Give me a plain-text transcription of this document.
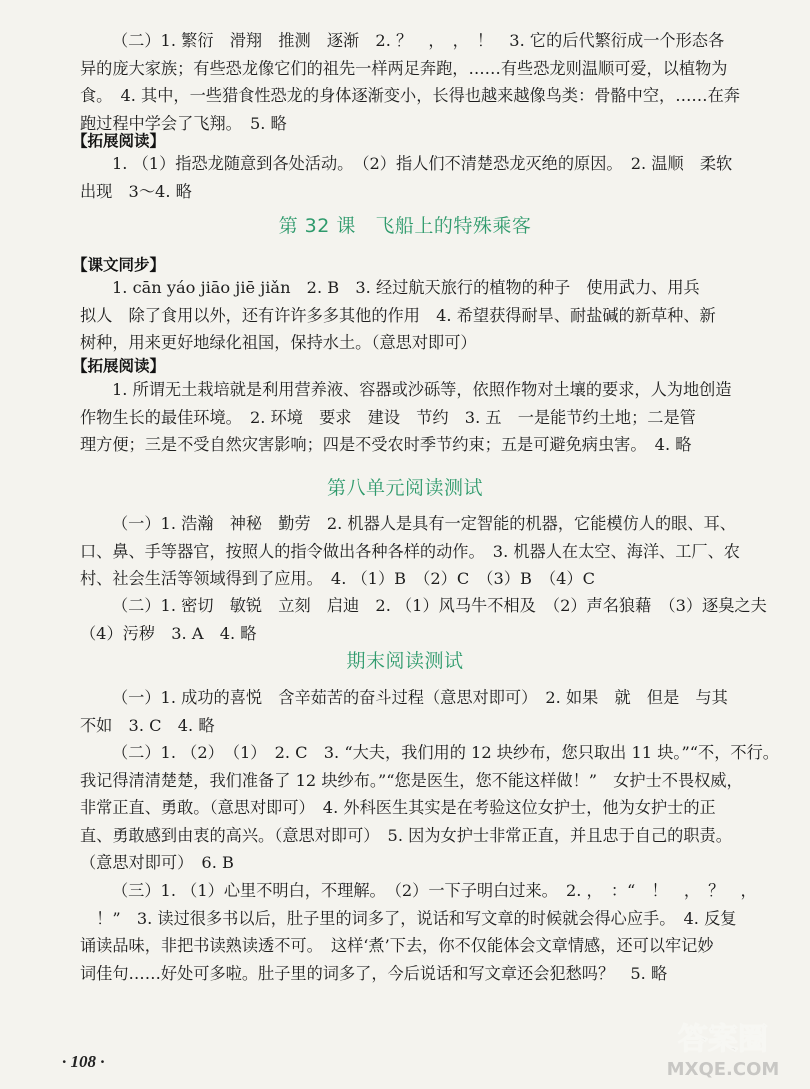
（二）1. 繁衍　滑翔　推测　逐渐　2. ？　，　，　！　3. 它的后代繁衍成一个形态各
异的庞大家族；有些恐龙像它们的祖先一样两足奔跑，……有些恐龙则温顺可爱，以植物为
食。　4. 其中，一些猎食性恐龙的身体逐渐变小，长得也越来越像鸟类：骨骼中空，……在奔
跑过程中学会了飞翔。　5. 略
【拓展阅读】
1. （1）指恐龙随意到各处活动。　（2）指人们不清楚恐龙灭绝的原因。　2. 温顺　柔软
出现　3～4. 略
第 32 课　飞船上的特殊乘客
【课文同步】
1. cān yáo jiāo jiē jiǎn　2. B　3. 经过航天旅行的植物的种子　使用武力、用兵
拟人　除了食用以外，还有许许多多其他的作用　4. 希望获得耐旱、耐盐碱的新草种、新
树种，用来更好地绿化祖国，保持水土。（意思对即可）
【拓展阅读】
1. 所谓无土栽培就是利用营养液、容器或沙砾等，依照作物对土壤的要求，人为地创造
作物生长的最佳环境。　2. 环境　要求　建设　节约　3. 五　一是能节约土地；二是管
理方便；三是不受自然灾害影响；四是不受农时季节约束；五是可避免病虫害。　4. 略
第八单元阅读测试
（一）1. 浩瀚　神秘　勤劳　2. 机器人是具有一定智能的机器，它能模仿人的眼、耳、
口、鼻、手等器官，按照人的指令做出各种各样的动作。　3. 机器人在太空、海洋、工厂、农
村、社会生活等领域得到了应用。　4. （1）B　（2）C　（3）B　（4）C
（二）1. 密切　敏锐　立刻　启迪　2. （1）风马牛不相及　（2）声名狼藉　（3）逐臭之夫
（4）污秽　3. A　4. 略
期末阅读测试
（一）1. 成功的喜悦　含辛茹苦的奋斗过程（意思对即可）　2. 如果　就　但是　与其
不如　3. C　4. 略
（二）1. （2）　（1）　2. C　3. “大夫，我们用的 12 块纱布，您只取出 11 块。”“不，不行。
我记得清清楚楚，我们准备了 12 块纱布。”“您是医生，您不能这样做！”　女护士不畏权威，
非常正直、勇敢。（意思对即可）　4. 外科医生其实是在考验这位女护士，他为女护士的正
直、勇敢感到由衷的高兴。（意思对即可）　5. 因为女护士非常正直，并且忠于自己的职责。
（意思对即可）　6. B
（三）1. （1）心里不明白，不理解。　（2）一下子明白过来。　2. ，　：“　！　，　？　，
　！”　3. 读过很多书以后，肚子里的词多了，说话和写文章的时候就会得心应手。　4. 反复
诵读品味，非把书读熟读透不可。　这样‘煮’下去，你不仅能体会文章情感，还可以牢记妙
词佳句……好处可多啦。肚子里的词多了，今后说话和写文章还会犯愁吗？　5. 略
· 108 ·
答案圈
MXQE.COM
